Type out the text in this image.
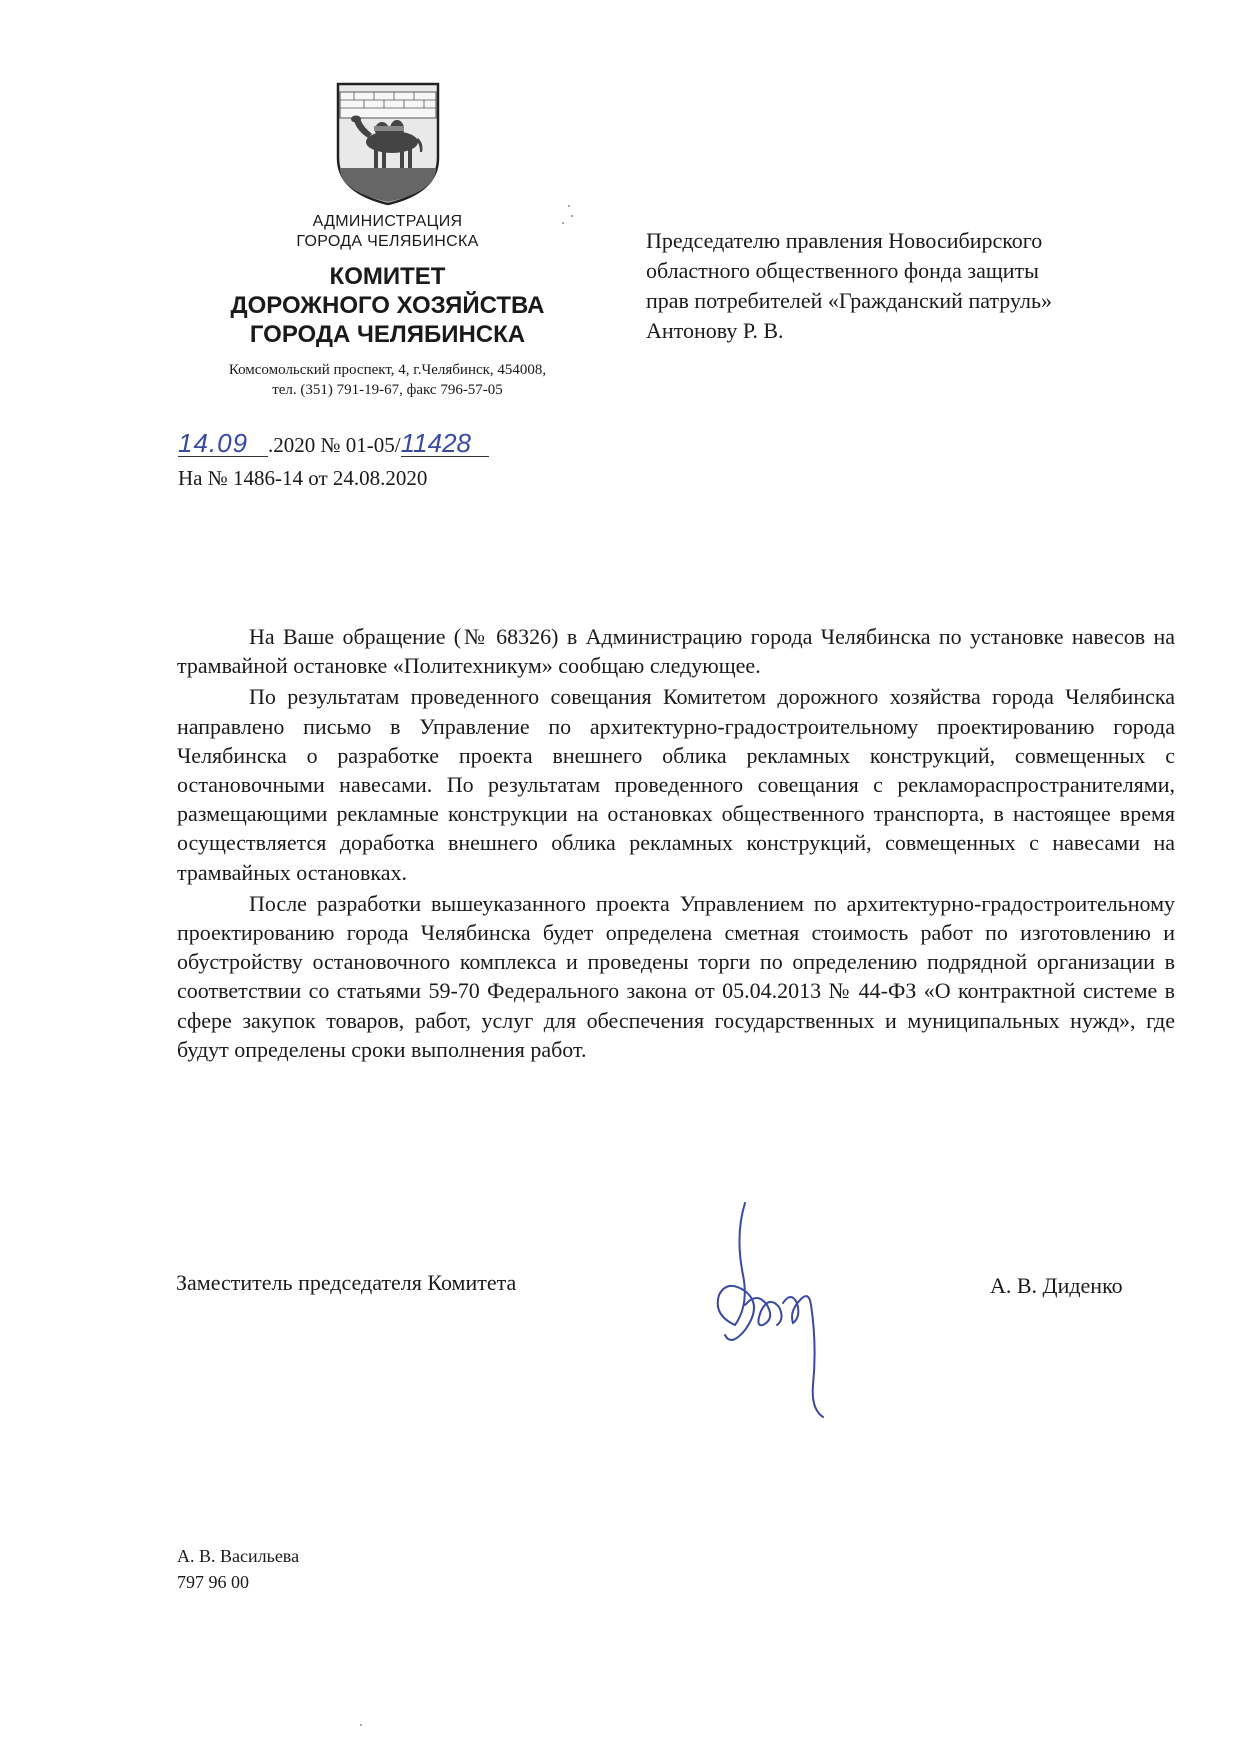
АДМИНИСТРАЦИЯ
ГОРОДА ЧЕЛЯБИНСКА
КОМИТЕТ
ДОРОЖНОГО ХОЗЯЙСТВА
ГОРОДА ЧЕЛЯБИНСКА
Комсомольский проспект, 4, г.Челябинск, 454008,
тел. (351) 791-19-67, факс 796-57-05
14.09 .2020 № 01-05/11428
На № 1486-14 от 24.08.2020
Председателю правления Новосибирского
областного общественного фонда защиты
прав потребителей «Гражданский патруль»
Антонову Р. В.

На Ваше обращение (№ 68326) в Администрацию города Челябинска по установке навесов на трамвайной остановке «Политехникум» сообщаю следующее.

По результатам проведенного совещания Комитетом дорожного хозяйства города Челябинска направлено письмо в Управление по архитектурно-градостроительному проектированию города Челябинска о разработке проекта внешнего облика рекламных конструкций, совмещенных с остановочными навесами. По результатам проведенного совещания с рекламораспространителями, размещающими рекламные конструкции на остановках общественного транспорта, в настоящее время осуществляется доработка внешнего облика рекламных конструкций, совмещенных с навесами на трамвайных остановках.

После разработки вышеуказанного проекта Управлением по архитектурно-градостроительному проектированию города Челябинска будет определена сметная стоимость работ по изготовлению и обустройству остановочного комплекса и проведены торги по определению подрядной организации в соответствии со статьями 59-70 Федерального закона от 05.04.2013 № 44-ФЗ «О контрактной системе в сфере закупок товаров, работ, услуг для обеспечения государственных и муниципальных нужд», где будут определены сроки выполнения работ.

Заместитель председателя Комитета	А. В. Диденко
А. В. Васильева
797 96 00
